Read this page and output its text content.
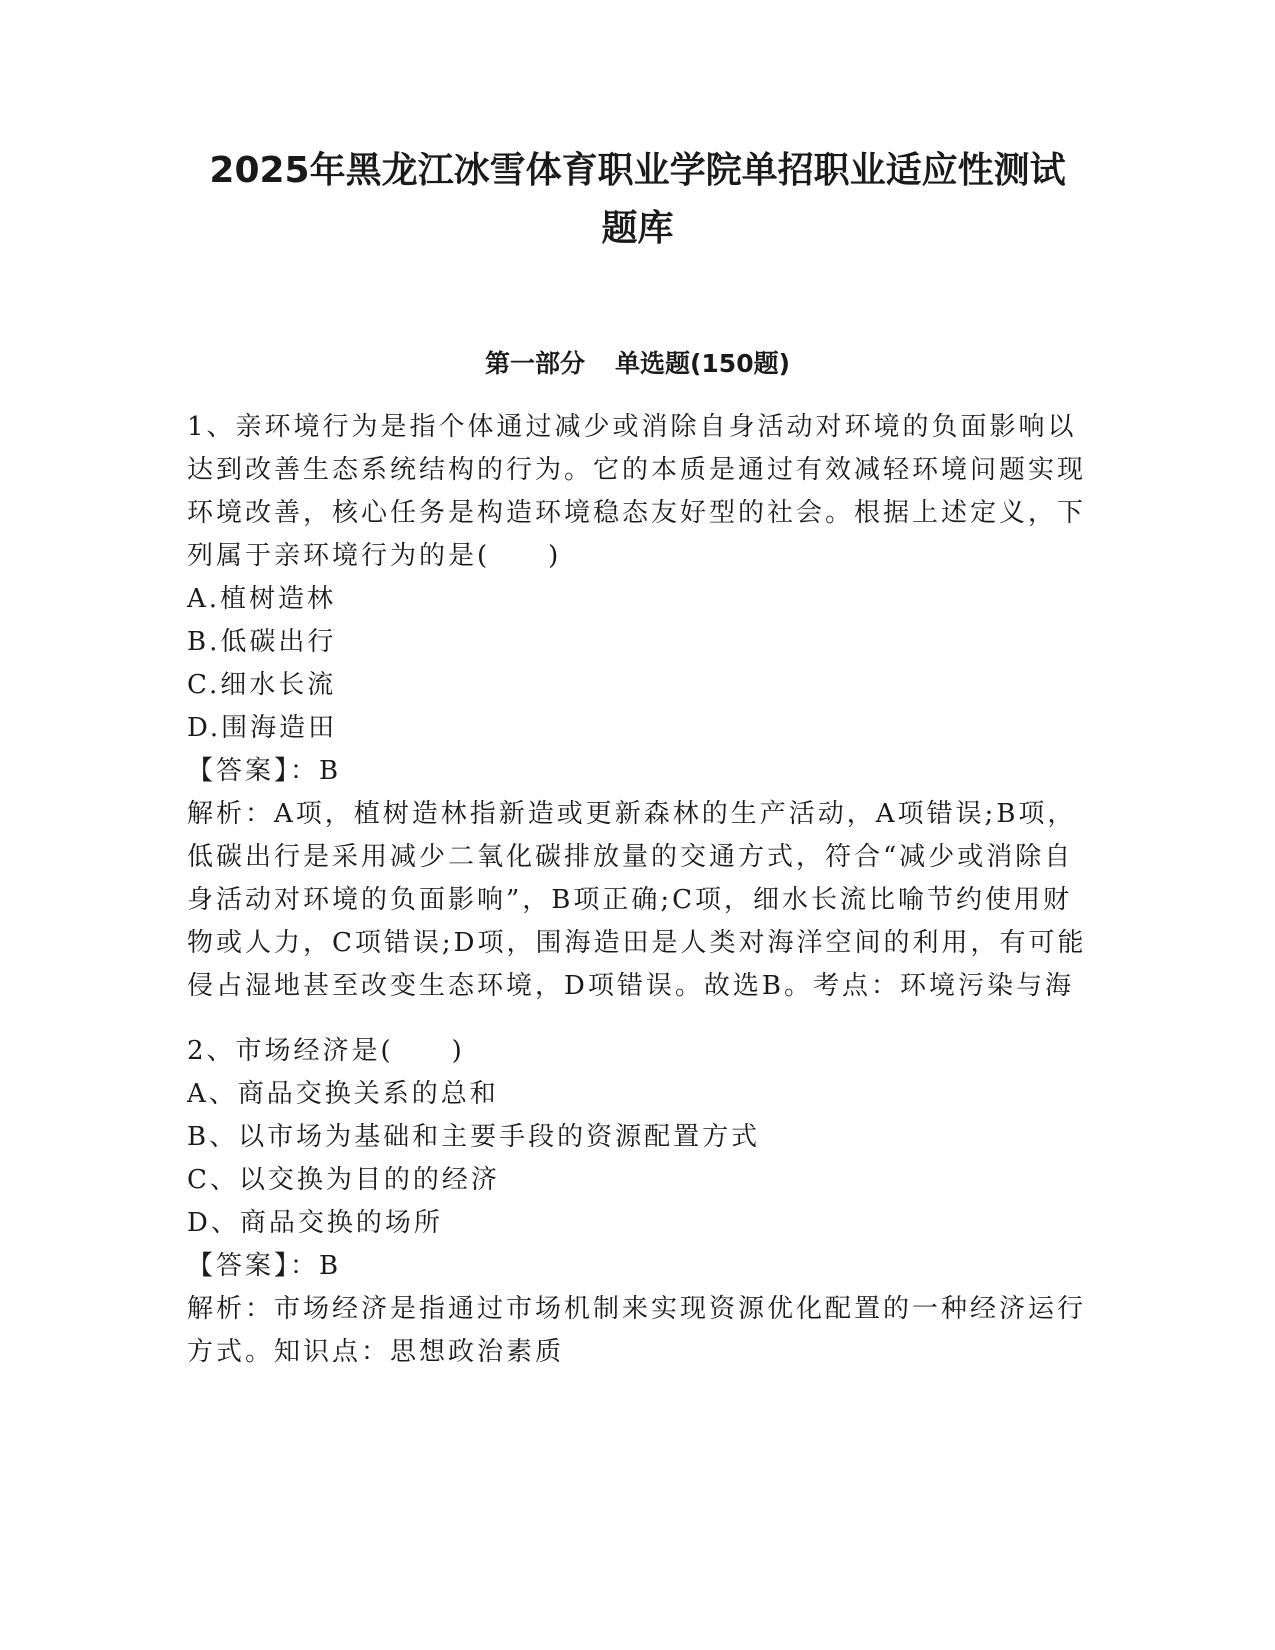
2025年黑龙江冰雪体育职业学院单招职业适应性测试
题库
第一部分 单选题(150题)

1、亲环境行为是指个体通过减少或消除自身活动对环境的负面影响以达到改善生态系统结构的行为。它的本质是通过有效减轻环境问题实现环境改善，核心任务是构造环境稳态友好型的社会。根据上述定义，下列属于亲环境行为的是(　　)

A.植树造林

B.低碳出行

C.细水长流

D.围海造田

【答案】：B

解析：A项，植树造林指新造或更新森林的生产活动，A项错误;B项，低碳出行是采用减少二氧化碳排放量的交通方式，符合“减少或消除自身活动对环境的负面影响”，B项正确;C项，细水长流比喻节约使用财物或人力，C项错误;D项，围海造田是人类对海洋空间的利用，有可能侵占湿地甚至改变生态环境，D项错误。故选B。考点：环境污染与海

2、市场经济是(　　)

A、商品交换关系的总和

B、以市场为基础和主要手段的资源配置方式

C、以交换为目的的经济

D、商品交换的场所

【答案】：B

解析：市场经济是指通过市场机制来实现资源优化配置的一种经济运行方式。知识点：思想政治素质
